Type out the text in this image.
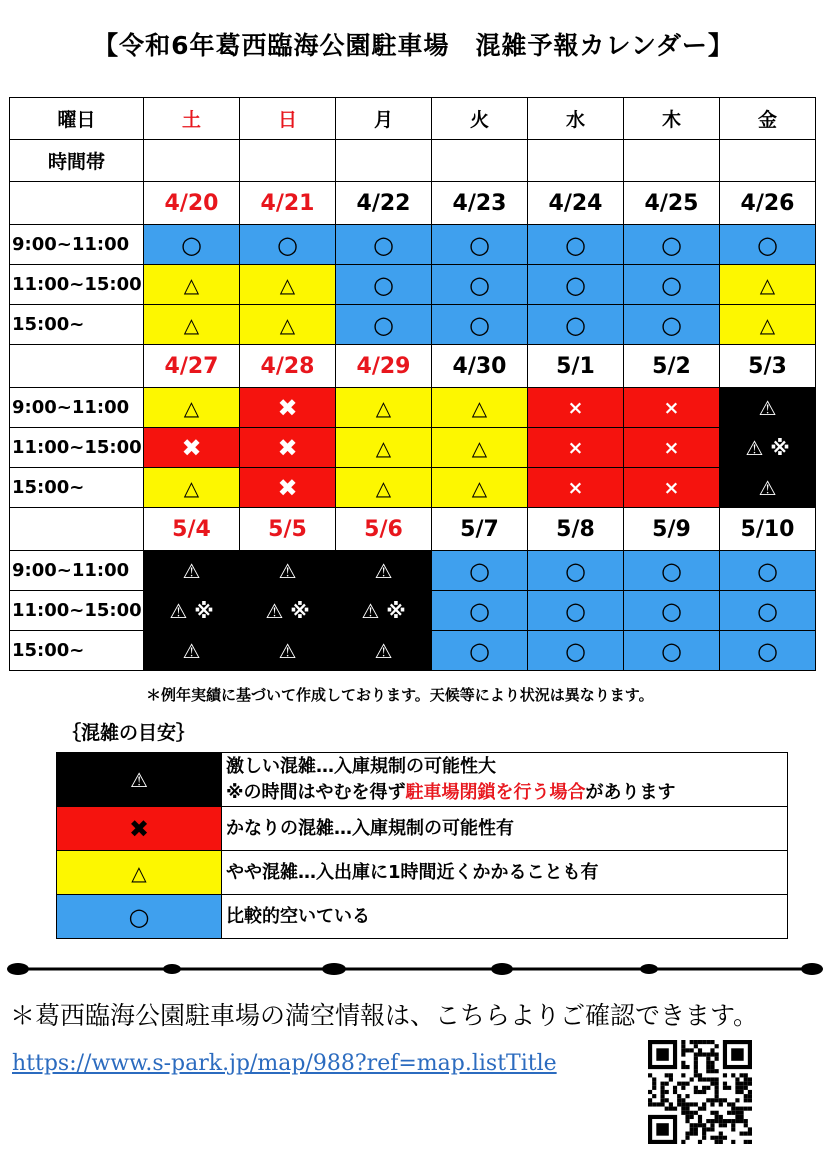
【令和6年葛西臨海公園駐車場　混雑予報カレンダー】
曜日	土	日	月	火	水	木	金
時間帯							
	4/20	4/21	4/22	4/23	4/24	4/25	4/26
9:00~11:00	○	○	○	○	○	○	○
11:00~15:00	△	△	○	○	○	○	△
15:00~	△	△	○	○	○	○	△
	4/27	4/28	4/29	4/30	5/1	5/2	5/3
9:00~11:00	△	✖	△	△	×	×	⚠
11:00~15:00	✖	✖	△	△	×	×	⚠ ※
15:00~	△	✖	△	△	×	×	⚠
	5/4	5/5	5/6	5/7	5/8	5/9	5/10
9:00~11:00	⚠	⚠	⚠	○	○	○	○
11:00~15:00	⚠ ※	⚠ ※	⚠ ※	○	○	○	○
15:00~	⚠	⚠	⚠	○	○	○	○
＊例年実績に基づいて作成しております。天候等により状況は異なります。
｛混雑の目安｝
⚠	激しい混雑…入庫規制の可能性大
※の時間はやむを得ず駐車場閉鎖を行う場合があります

✖	かなりの混雑…入庫規制の可能性有

△	やや混雑…入出庫に1時間近くかかることも有

○	比較的空いている
＊葛西臨海公園駐車場の満空情報は、こちらよりご確認できます。
https://www.s-park.jp/map/988?ref=map.listTitle
